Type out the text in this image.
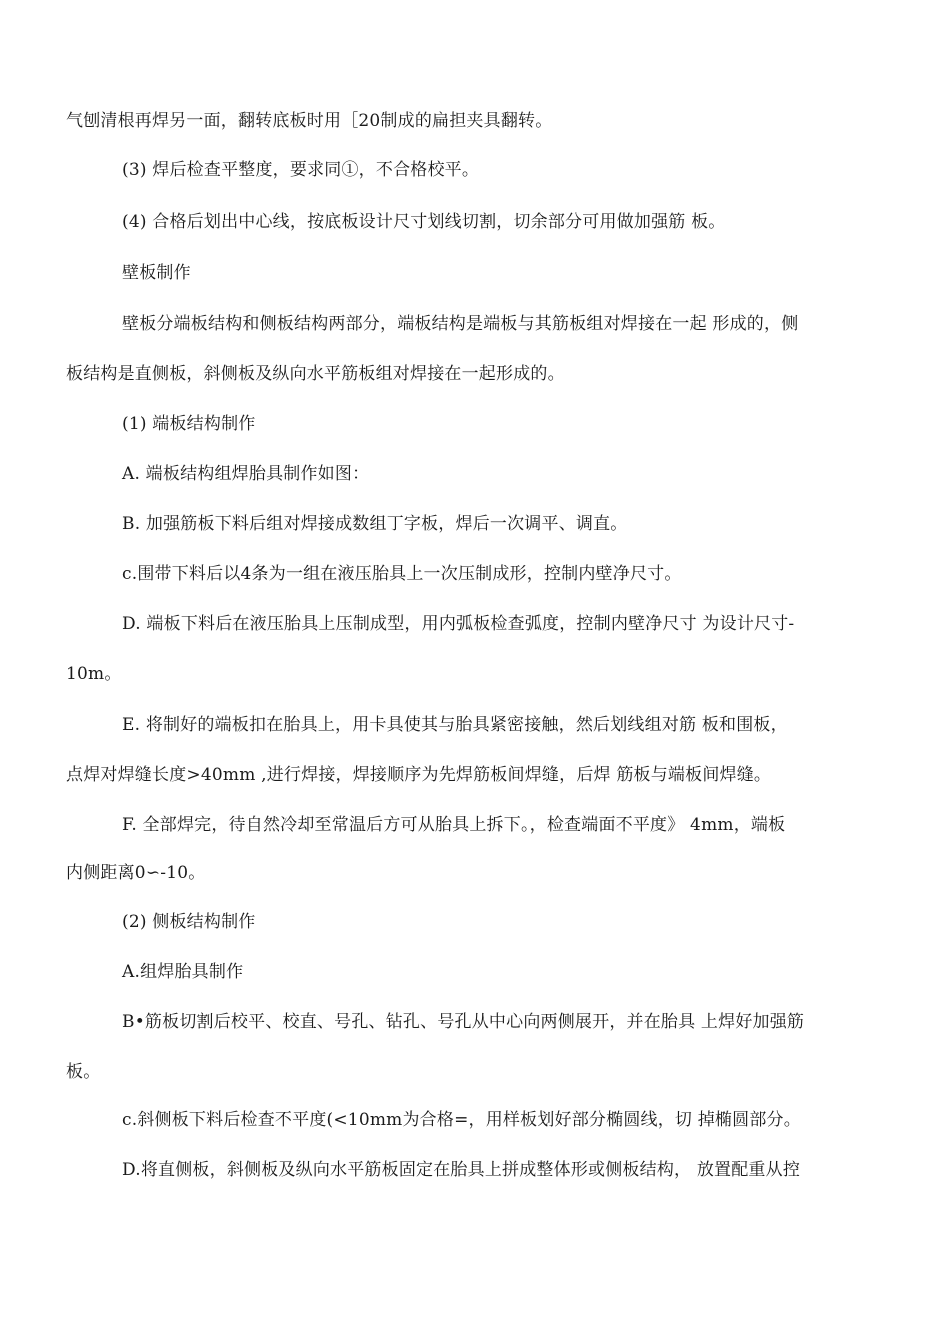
气刨清根再焊另一面，翻转底板时用［20制成的扁担夹具翻转。
(3) 焊后检查平整度，要求同①，不合格校平。
(4) 合格后划出中心线，按底板设计尺寸划线切割，切余部分可用做加强筋 板。
壁板制作
壁板分端板结构和侧板结构两部分，端板结构是端板与其筋板组对焊接在一起 形成的，侧
板结构是直侧板，斜侧板及纵向水平筋板组对焊接在一起形成的。
(1) 端板结构制作
A. 端板结构组焊胎具制作如图：
B. 加强筋板下料后组对焊接成数组丁字板，焊后一次调平、调直。
c.围带下料后以4条为一组在液压胎具上一次压制成形，控制内壁净尺寸。
D. 端板下料后在液压胎具上压制成型，用内弧板检查弧度，控制内壁净尺寸 为设计尺寸-
10m。
E. 将制好的端板扣在胎具上，用卡具使其与胎具紧密接触，然后划线组对筋 板和围板，
点焊对焊缝长度>40mm ,进行焊接，焊接顺序为先焊筋板间焊缝，后焊 筋板与端板间焊缝。
F. 全部焊完，待自然冷却至常温后方可从胎具上拆下。，检查端面不平度》 4mm，端板
内侧距离0∽-10。
(2) 侧板结构制作
A.组焊胎具制作
B•筋板切割后校平、校直、号孔、钻孔、号孔从中心向两侧展开，并在胎具 上焊好加强筋
板。
c.斜侧板下料后检查不平度(<10mm为合格=，用样板划好部分椭圆线，切 掉椭圆部分。
D.将直侧板，斜侧板及纵向水平筋板固定在胎具上拼成整体形或侧板结构， 放置配重从控
